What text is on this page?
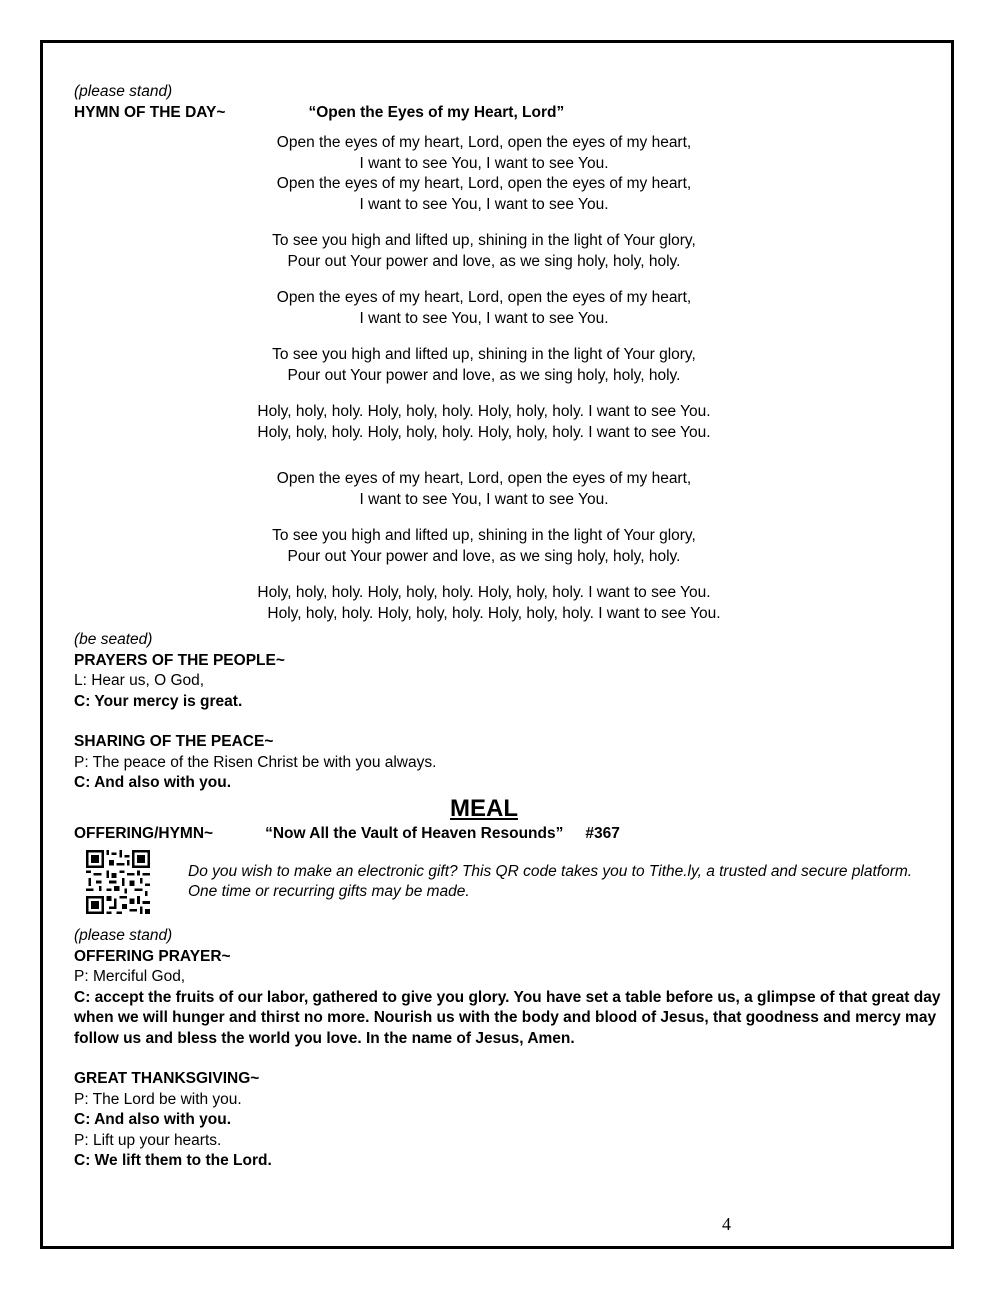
(please stand)
HYMN OF THE DAY~	“Open the Eyes of my Heart, Lord”
Open the eyes of my heart, Lord, open the eyes of my heart,
I want to see You, I want to see You.
Open the eyes of my heart, Lord, open the eyes of my heart,
I want to see You, I want to see You.
To see you high and lifted up, shining in the light of Your glory,
Pour out Your power and love, as we sing holy, holy, holy.
Open the eyes of my heart, Lord, open the eyes of my heart,
I want to see You, I want to see You.
To see you high and lifted up, shining in the light of Your glory,
Pour out Your power and love, as we sing holy, holy, holy.
Holy, holy, holy. Holy, holy, holy. Holy, holy, holy. I want to see You.
Holy, holy, holy. Holy, holy, holy. Holy, holy, holy. I want to see You.
Open the eyes of my heart, Lord, open the eyes of my heart,
I want to see You, I want to see You.
To see you high and lifted up, shining in the light of Your glory,
Pour out Your power and love, as we sing holy, holy, holy.
Holy, holy, holy. Holy, holy, holy. Holy, holy, holy. I want to see You.
Holy, holy, holy. Holy, holy, holy. Holy, holy, holy. I want to see You.
(be seated)
PRAYERS OF THE PEOPLE~
L: Hear us, O God,
C: Your mercy is great.
SHARING OF THE PEACE~
P: The peace of the Risen Christ be with you always.
C: And also with you.
MEAL
OFFERING/HYMN~	“Now All the Vault of Heaven Resounds” #367
Do you wish to make an electronic gift? This QR code takes you to Tithe.ly, a trusted and secure platform. One time or recurring gifts may be made.
(please stand)
OFFERING PRAYER~
P: Merciful God,
C: accept the fruits of our labor, gathered to give you glory. You have set a table before us, a glimpse of that great day when we will hunger and thirst no more. Nourish us with the body and blood of Jesus, that goodness and mercy may follow us and bless the world you love. In the name of Jesus, Amen.
GREAT THANKSGIVING~
P: The Lord be with you.
C: And also with you.
P: Lift up your hearts.
C: We lift them to the Lord.
4
